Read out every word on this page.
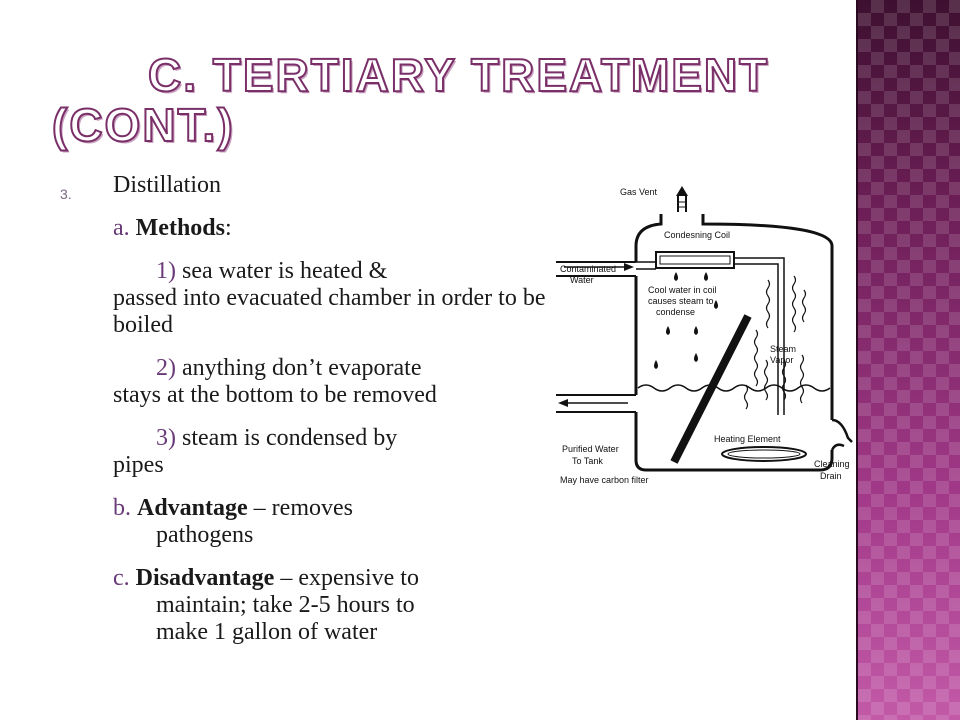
C. TERTIARY TREATMENT
(CONT.)
3. Distillation
a. Methods:
1) sea water is heated &
passed into evacuated chamber in order to be boiled
2) anything don’t evaporate
stays at the bottom to be removed
3) steam is condensed by
pipes
b. Advantage – removes
pathogens
c. Disadvantage – expensive to
maintain; take 2-5 hours to
make 1 gallon of water
Gas Vent
Contaminated
Water
Condesning Coil
Cool water in coil
causes steam to
condense
Steam
Vapor
Heating Element
Purified Water
To Tank
May have carbon filter
Cleaning
Drain
